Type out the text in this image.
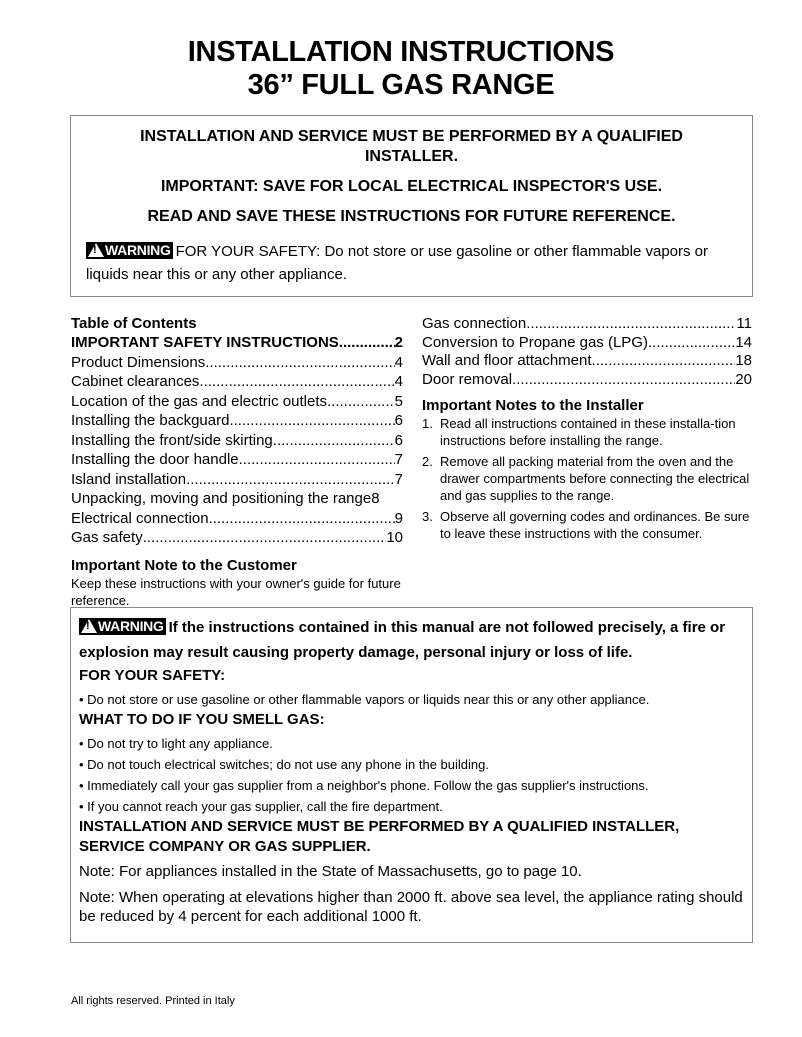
INSTALLATION INSTRUCTIONS
36” FULL GAS RANGE
INSTALLATION AND SERVICE MUST BE PERFORMED BY A QUALIFIED INSTALLER.
IMPORTANT: SAVE FOR LOCAL ELECTRICAL INSPECTOR'S USE.
READ AND SAVE THESE INSTRUCTIONS FOR FUTURE REFERENCE.
!WARNING FOR YOUR SAFETY: Do not store or use gasoline or other flammable vapors or liquids near this or any other appliance.
Table of Contents
IMPORTANT SAFETY INSTRUCTIONS .....	2
Product Dimensions .....	4
Cabinet clearances .....	4
Location of the gas and electric outlets .....	5
Installing the backguard .....	6
Installing the front/side skirting .....	6
Installing the door handle .....	7
Island installation .....	7
Unpacking, moving and positioning the range 8
Electrical connection .....	9
Gas safety .....	10
Important Note to the Customer
Keep these instructions with your owner's guide for future reference.
Gas connection .....	11
Conversion to Propane gas (LPG) .....	14
Wall and floor attachment .....	18
Door removal .....	20
Important Notes to the Installer
1. Read all instructions contained in these installa-tion instructions before installing the range.
2. Remove all packing material from the oven and the drawer compartments before connecting the electrical and gas supplies to the range.
3. Observe all governing codes and ordinances. Be sure to leave these instructions with the consumer.
!WARNING If the instructions contained in this manual are not followed precisely, a fire or explosion may result causing property damage, personal injury or loss of life.
FOR YOUR SAFETY:
• Do not store or use gasoline or other flammable vapors or liquids near this or any other appliance.
WHAT TO DO IF YOU SMELL GAS:
• Do not try to light any appliance.
• Do not touch electrical switches; do not use any phone in the building.
• Immediately call your gas supplier from a neighbor's phone. Follow the gas supplier's instructions.
• If you cannot reach your gas supplier, call the fire department.
INSTALLATION AND SERVICE MUST BE PERFORMED BY A QUALIFIED INSTALLER, SERVICE COMPANY OR GAS SUPPLIER.
Note: For appliances installed in the State of Massachusetts, go to page 10.
Note: When operating at elevations higher than 2000 ft. above sea level, the appliance rating should be reduced by 4 percent for each additional 1000 ft.
All rights reserved. Printed in Italy
